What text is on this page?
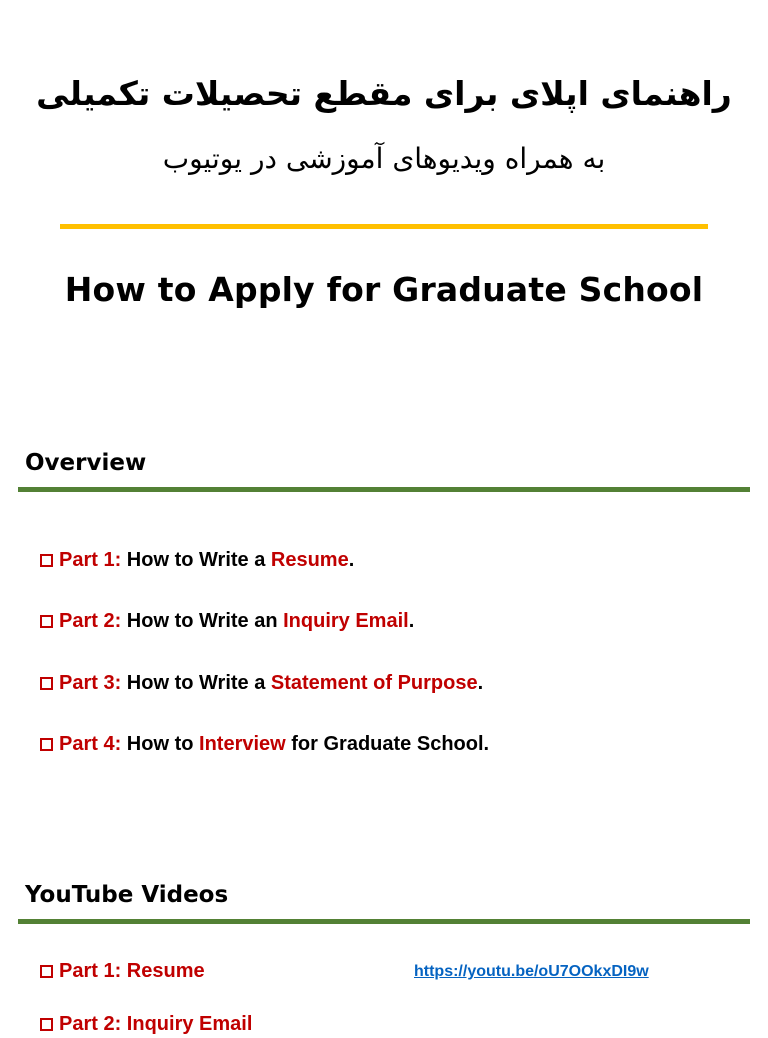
راهنمای اپلای برای مقطع تحصیلات تکمیلی
به همراه ویدیوهای آموزشی در یوتیوب
How to Apply for Graduate School
Overview
Part 1: How to Write a Resume.
Part 2: How to Write an Inquiry Email.
Part 3: How to Write a Statement of Purpose.
Part 4: How to Interview for Graduate School.
YouTube Videos
Part 1: Resume	https://youtu.be/oU7OOkxDI9w
Part 2: Inquiry Email
